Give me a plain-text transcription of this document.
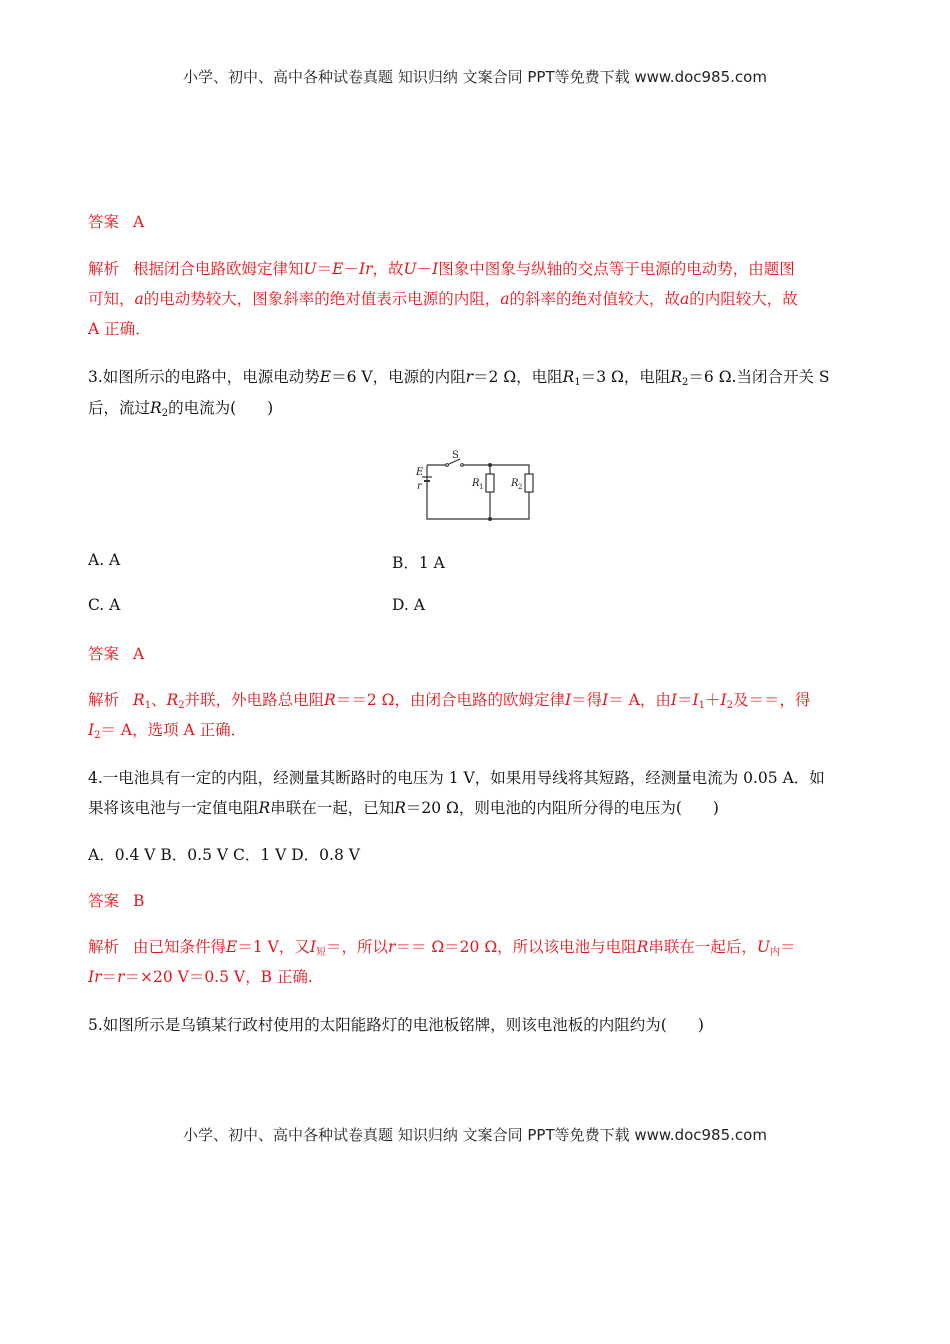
小学、初中、高中各种试卷真题 知识归纳 文案合同 PPT等免费下载 www.doc985.com
答案 A
解析 根据闭合电路欧姆定律知U＝E－Ir，故U－I图象中图象与纵轴的交点等于电源的电动势，由题图
可知，a的电动势较大，图象斜率的绝对值表示电源的内阻，a的斜率的绝对值较大，故a的内阻较大，故
A 正确．
3.如图所示的电路中，电源电动势E＝6 V，电源的内阻r＝2 Ω，电阻$R_1=3$ Ω，电阻$R_2=6$ Ω.当闭合开关 S
后，流过$R_2$的电流为(　　)
E
r
S
R 1	R 2
A. A	B．1 A
C. A	D. A
答案 A
解析 $R_1$、$R_2$并联，外电路总电阻R＝＝2 Ω，由闭合电路的欧姆定律I＝得I＝ A，由$I=I_1+I_2$及＝＝，得
$I_2= A$，选项 A 正确．
4.一电池具有一定的内阻，经测量其断路时的电压为 1 V，如果用导线将其短路，经测量电流为 0.05 A．如
果将该电池与一定值电阻R串联在一起，已知R＝20 Ω，则电池的内阻所分得的电压为(　　)
A．0.4 V B．0.5 V C．1 V D．0.8 V
答案 B
解析 由已知条件得E＝1 V，又$I_短=$，所以r＝＝ Ω＝20 Ω，所以该电池与电阻R串联在一起后，$U_内=$
Ir＝r＝×20 V＝0.5 V，B 正确.
5.如图所示是乌镇某行政村使用的太阳能路灯的电池板铭牌，则该电池板的内阻约为(　　)
小学、初中、高中各种试卷真题 知识归纳 文案合同 PPT等免费下载 www.doc985.com
